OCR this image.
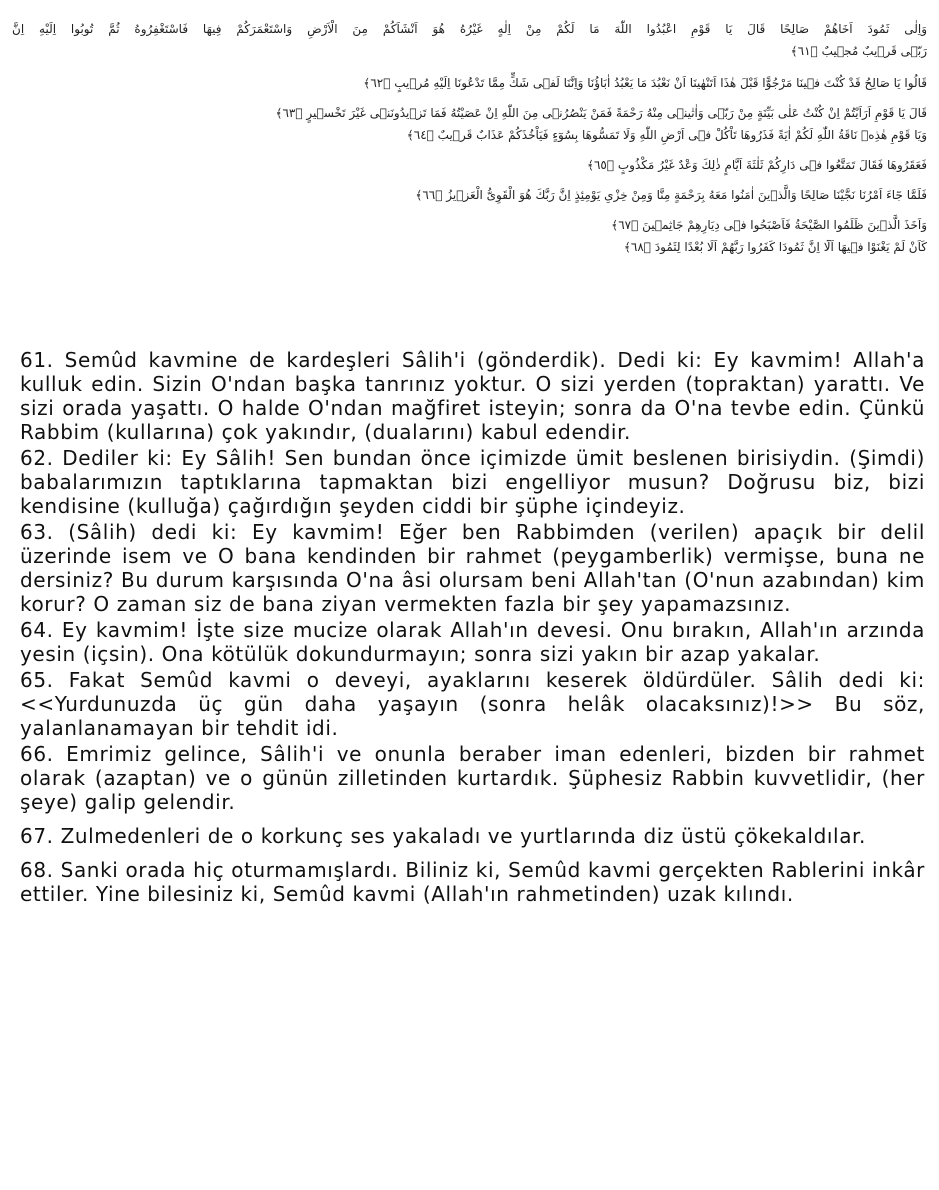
وَاِلٰى ثَمُودَ اَخَاهُمْ صَالِحًا قَالَ يَا قَوْمِ اعْبُدُوا اللّٰهَ مَا لَكُمْ مِنْ اِلٰهٍ غَيْرُهُ هُوَ اَنْشَاَكُمْ مِنَ الْاَرْضِ وَاسْتَعْمَرَكُمْ فِيهَا فَاسْتَغْفِرُوهُ ثُمَّ تُوبُوا اِلَيْهِ اِنَّ
رَبّٖى قَرٖيبٌ مُجٖيبٌ ﴿٦١﴾
قَالُوا يَا صَالِحُ قَدْ كُنْتَ فٖينَا مَرْجُوًّا قَبْلَ هٰذَا اَتَنْهٰينَا اَنْ نَعْبُدَ مَا يَعْبُدُ اٰبَاؤُنَا وَاِنَّنَا لَفٖى شَكٍّ مِمَّا تَدْعُونَا اِلَيْهِ مُرٖيبٍ ﴿٦٢﴾
قَالَ يَا قَوْمِ اَرَاَيْتُمْ اِنْ كُنْتُ عَلٰى بَيِّنَةٍ مِنْ رَبّٖى وَاٰتٰينٖى مِنْهُ رَحْمَةً فَمَنْ يَنْصُرُنٖى مِنَ اللّٰهِ اِنْ عَصَيْتُهُ فَمَا تَزٖيدُونَنٖى غَيْرَ تَخْسٖيرٍ ﴿٦٣﴾
وَيَا قَوْمِ هٰذِهٖ نَاقَةُ اللّٰهِ لَكُمْ اٰيَةً فَذَرُوهَا تَاْكُلْ فٖى اَرْضِ اللّٰهِ وَلَا تَمَسُّوهَا بِسُوٓءٍ فَيَاْخُذَكُمْ عَذَابٌ قَرٖيبٌ ﴿٦٤﴾
فَعَقَرُوهَا فَقَالَ تَمَتَّعُوا فٖى دَارِكُمْ ثَلٰثَةَ اَيَّامٍ ذٰلِكَ وَعْدٌ غَيْرُ مَكْذُوبٍ ﴿٦٥﴾
فَلَمَّا جَٓاءَ اَمْرُنَا نَجَّيْنَا صَالِحًا وَالَّذٖينَ اٰمَنُوا مَعَهُ بِرَحْمَةٍ مِنَّا وَمِنْ خِزْىِ يَوْمِئِذٍ اِنَّ رَبَّكَ هُوَ الْقَوِىُّ الْعَزٖيزُ ﴿٦٦﴾
وَاَخَذَ الَّذٖينَ ظَلَمُوا الصَّيْحَةُ فَاَصْبَحُوا فٖى دِيَارِهِمْ جَاثِمٖينَ ﴿٦٧﴾
كَاَنْ لَمْ يَغْنَوْا فٖيهَا اَلَٓا اِنَّ ثَمُودَا كَفَرُوا رَبَّهُمْ اَلَا بُعْدًا لِثَمُودَ ﴿٦٨﴾

61. Semûd kavmine de kardeşleri Sâlih'i (gönderdik). Dedi ki: Ey kavmim! Allah'a kulluk edin. Sizin O'ndan başka tanrınız yoktur. O sizi yerden (topraktan) yarattı. Ve sizi orada yaşattı. O halde O'ndan mağfiret isteyin; sonra da O'na tevbe edin. Çünkü Rabbim (kullarına) çok yakındır, (dualarını) kabul edendir.

62. Dediler ki: Ey Sâlih! Sen bundan önce içimizde ümit beslenen birisiydin. (Şimdi) babalarımızın taptıklarına tapmaktan bizi engelliyor musun? Doğrusu biz, bizi kendisine (kulluğa) çağırdığın şeyden ciddi bir şüphe içindeyiz.

63. (Sâlih) dedi ki: Ey kavmim! Eğer ben Rabbimden (verilen) apaçık bir delil üzerinde isem ve O bana kendinden bir rahmet (peygamberlik) vermişse, buna ne dersiniz? Bu durum karşısında O'na âsi olursam beni Allah'tan (O'nun azabından) kim korur? O zaman siz de bana ziyan vermekten fazla bir şey yapamazsınız.

64. Ey kavmim! İşte size mucize olarak Allah'ın devesi. Onu bırakın, Allah'ın arzında yesin (içsin). Ona kötülük dokundurmayın; sonra sizi yakın bir azap yakalar.

65. Fakat Semûd kavmi o deveyi, ayaklarını keserek öldürdüler. Sâlih dedi ki: <<Yurdunuzda üç gün daha yaşayın (sonra helâk olacaksınız)!>> Bu söz, yalanlanamayan bir tehdit idi.

66. Emrimiz gelince, Sâlih'i ve onunla beraber iman edenleri, bizden bir rahmet olarak (azaptan) ve o günün zilletinden kurtardık. Şüphesiz Rabbin kuvvetlidir, (her şeye) galip gelendir.

67. Zulmedenleri de o korkunç ses yakaladı ve yurtlarında diz üstü çökekaldılar.

68. Sanki orada hiç oturmamışlardı. Biliniz ki, Semûd kavmi gerçekten Rablerini inkâr ettiler. Yine bilesiniz ki, Semûd kavmi (Allah'ın rahmetinden) uzak kılındı.
